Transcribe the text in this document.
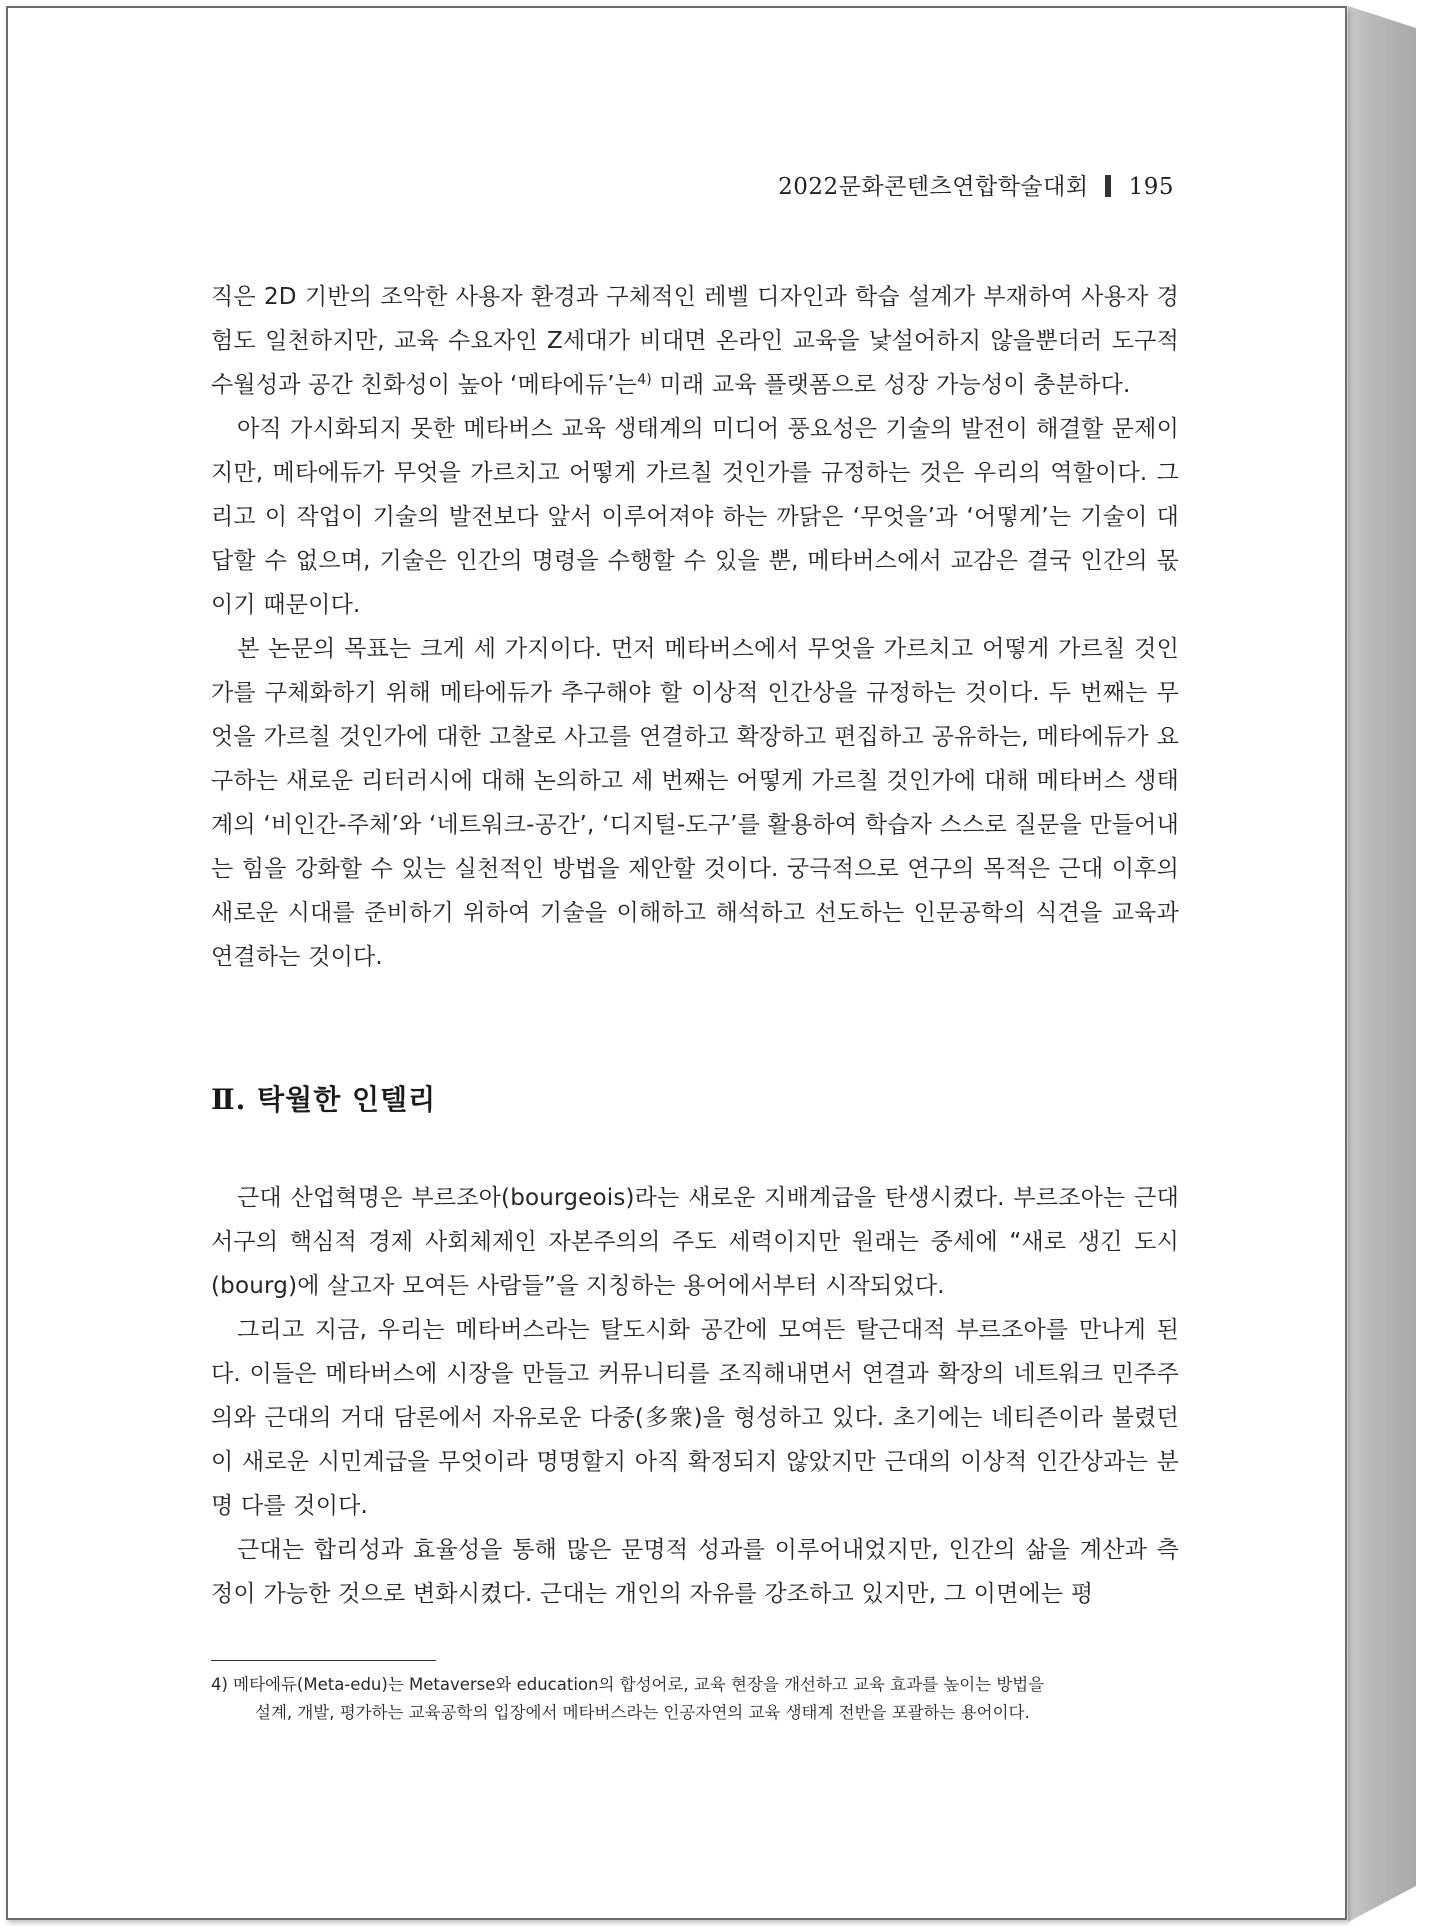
2022문화콘텐츠연합학술대회 195

직은 2D 기반의 조악한 사용자 환경과 구체적인 레벨 디자인과 학습 설계가 부재하여 사용자 경험도 일천하지만, 교육 수요자인 Z세대가 비대면 온라인 교육을 낯설어하지 않을뿐더러 도구적 수월성과 공간 친화성이 높아 ‘메타에듀’는$^{4)}$ 미래 교육 플랫폼으로 성장 가능성이 충분하다.

아직 가시화되지 못한 메타버스 교육 생태계의 미디어 풍요성은 기술의 발전이 해결할 문제이지만, 메타에듀가 무엇을 가르치고 어떻게 가르칠 것인가를 규정하는 것은 우리의 역할이다. 그리고 이 작업이 기술의 발전보다 앞서 이루어져야 하는 까닭은 ‘무엇을’과 ‘어떻게’는 기술이 대답할 수 없으며, 기술은 인간의 명령을 수행할 수 있을 뿐, 메타버스에서 교감은 결국 인간의 몫이기 때문이다.

본 논문의 목표는 크게 세 가지이다. 먼저 메타버스에서 무엇을 가르치고 어떻게 가르칠 것인가를 구체화하기 위해 메타에듀가 추구해야 할 이상적 인간상을 규정하는 것이다. 두 번째는 무엇을 가르칠 것인가에 대한 고찰로 사고를 연결하고 확장하고 편집하고 공유하는, 메타에듀가 요구하는 새로운 리터러시에 대해 논의하고 세 번째는 어떻게 가르칠 것인가에 대해 메타버스 생태계의 ‘비인간-주체’와 ‘네트워크-공간’, ‘디지털-도구’를 활용하여 학습자 스스로 질문을 만들어내는 힘을 강화할 수 있는 실천적인 방법을 제안할 것이다. 궁극적으로 연구의 목적은 근대 이후의 새로운 시대를 준비하기 위하여 기술을 이해하고 해석하고 선도하는 인문공학의 식견을 교육과 연결하는 것이다.

Ⅱ. 탁월한 인텔리

근대 산업혁명은 부르조아(bourgeois)라는 새로운 지배계급을 탄생시켰다. 부르조아는 근대 서구의 핵심적 경제 사회체제인 자본주의의 주도 세력이지만 원래는 중세에 “새로 생긴 도시(bourg)에 살고자 모여든 사람들”을 지칭하는 용어에서부터 시작되었다.

그리고 지금, 우리는 메타버스라는 탈도시화 공간에 모여든 탈근대적 부르조아를 만나게 된다. 이들은 메타버스에 시장을 만들고 커뮤니티를 조직해내면서 연결과 확장의 네트워크 민주주의와 근대의 거대 담론에서 자유로운 다중(多衆)을 형성하고 있다. 초기에는 네티즌이라 불렸던 이 새로운 시민계급을 무엇이라 명명할지 아직 확정되지 않았지만 근대의 이상적 인간상과는 분명 다를 것이다.

근대는 합리성과 효율성을 통해 많은 문명적 성과를 이루어내었지만, 인간의 삶을 계산과 측정이 가능한 것으로 변화시켰다. 근대는 개인의 자유를 강조하고 있지만, 그 이면에는 평

4) 메타에듀(Meta-edu)는 Metaverse와 education의 합성어로, 교육 현장을 개선하고 교육 효과를 높이는 방법을
설계, 개발, 평가하는 교육공학의 입장에서 메타버스라는 인공자연의 교육 생태계 전반을 포괄하는 용어이다.
